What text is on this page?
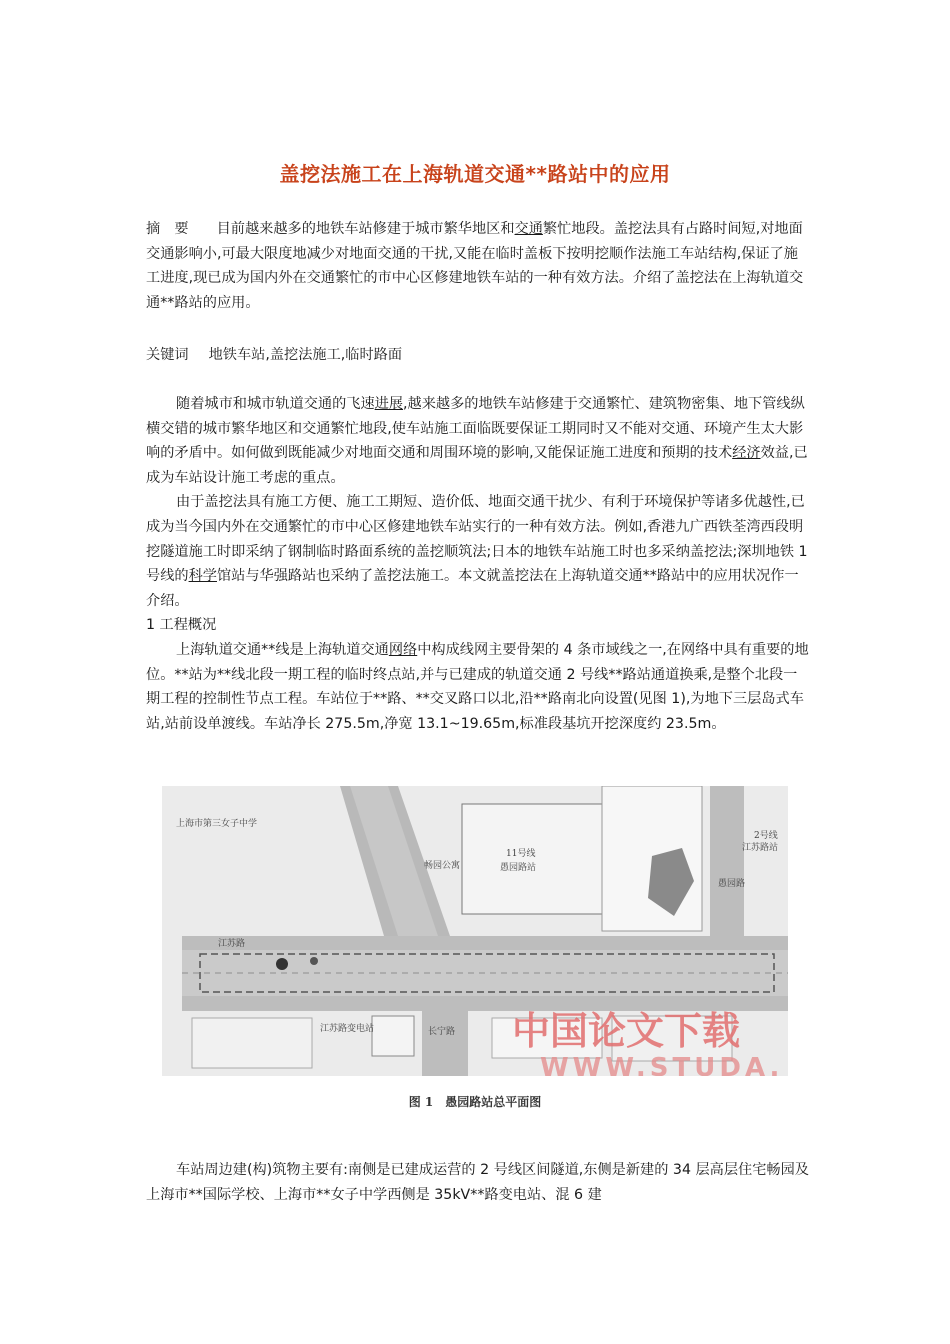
盖挖法施工在上海轨道交通**路站中的应用

摘　要 目前越来越多的地铁车站修建于城市繁华地区和交通繁忙地段。盖挖法具有占路时间短,对地面交通影响小,可最大限度地减少对地面交通的干扰,又能在临时盖板下按明挖顺作法施工车站结构,保证了施工进度,现已成为国内外在交通繁忙的市中心区修建地铁车站的一种有效方法。介绍了盖挖法在上海轨道交通**路站的应用。

关键词 地铁车站,盖挖法施工,临时路面

随着城市和城市轨道交通的飞速进展,越来越多的地铁车站修建于交通繁忙、建筑物密集、地下管线纵横交错的城市繁华地区和交通繁忙地段,使车站施工面临既要保证工期同时又不能对交通、环境产生太大影响的矛盾中。如何做到既能减少对地面交通和周围环境的影响,又能保证施工进度和预期的技术经济效益,已成为车站设计施工考虑的重点。

由于盖挖法具有施工方便、施工工期短、造价低、地面交通干扰少、有利于环境保护等诸多优越性,已成为当今国内外在交通繁忙的市中心区修建地铁车站实行的一种有效方法。例如,香港九广西铁荃湾西段明挖隧道施工时即采纳了钢制临时路面系统的盖挖顺筑法;日本的地铁车站施工时也多采纳盖挖法;深圳地铁 1 号线的科学馆站与华强路站也采纳了盖挖法施工。本文就盖挖法在上海轨道交通**路站中的应用状况作一介绍。

1 工程概况

上海轨道交通**线是上海轨道交通网络中构成线网主要骨架的 4 条市域线之一,在网络中具有重要的地位。**站为**线北段一期工程的临时终点站,并与已建成的轨道交通 2 号线**路站通道换乘,是整个北段一期工程的控制性节点工程。车站位于**路、**交叉路口以北,沿**路南北向设置(见图 1),为地下三层岛式车站,站前设单渡线。车站净长 275.5m,净宽 13.1~19.65m,标准段基坑开挖深度约 23.5m。

上海市第三女子中学
11号线
愚园路站
畅园公寓
江苏路
江苏路变电站	长宁路
2号线
江苏路站
愚园路
中国论文下载
WWW.STUDA.
图 1　愚园路站总平面图

车站周边建(构)筑物主要有:南侧是已建成运营的 2 号线区间隧道,东侧是新建的 34 层高层住宅畅园及上海市**国际学校、上海市**女子中学西侧是 35kV**路变电站、混 6 建
